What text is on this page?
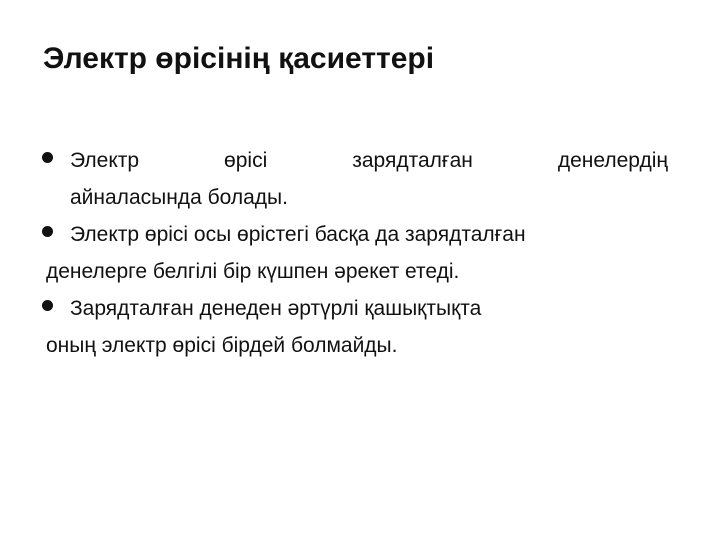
Электр өрісінің қасиеттері
Электр өрісі зарядталған денелердің
айналасында болады.
Электр өрісі осы өрістегі басқа да зарядталған
денелерге белгілі бір күшпен әрекет етеді.
Зарядталған денеден әртүрлі қашықтықта
оның электр өрісі бірдей болмайды.
